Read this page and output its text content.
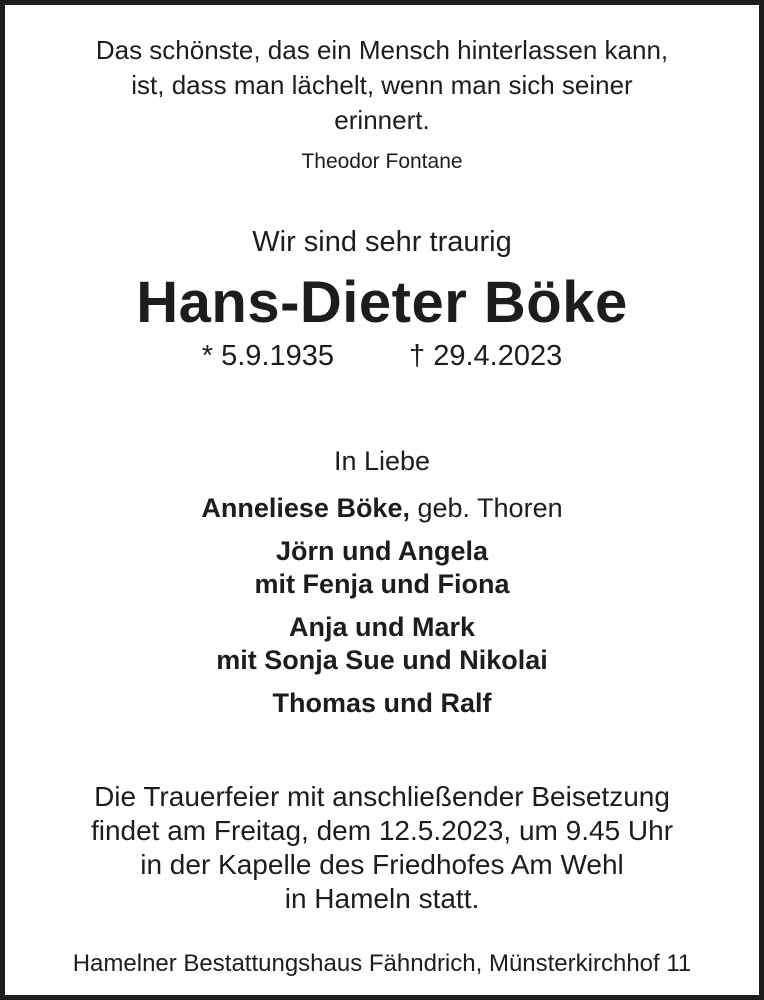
Das schönste, das ein Mensch hinterlassen kann,
ist, dass man lächelt, wenn man sich seiner
erinnert.
Theodor Fontane
Wir sind sehr traurig
Hans-Dieter Böke
* 5.9.1935	† 29.4.2023
In Liebe
Anneliese Böke, geb. Thoren
Jörn und Angela
mit Fenja und Fiona
Anja und Mark
mit Sonja Sue und Nikolai
Thomas und Ralf
Die Trauerfeier mit anschließender Beisetzung
findet am Freitag, dem 12.5.2023, um 9.45 Uhr
in der Kapelle des Friedhofes Am Wehl
in Hameln statt.
Hamelner Bestattungshaus Fähndrich, Münsterkirchhof 11
